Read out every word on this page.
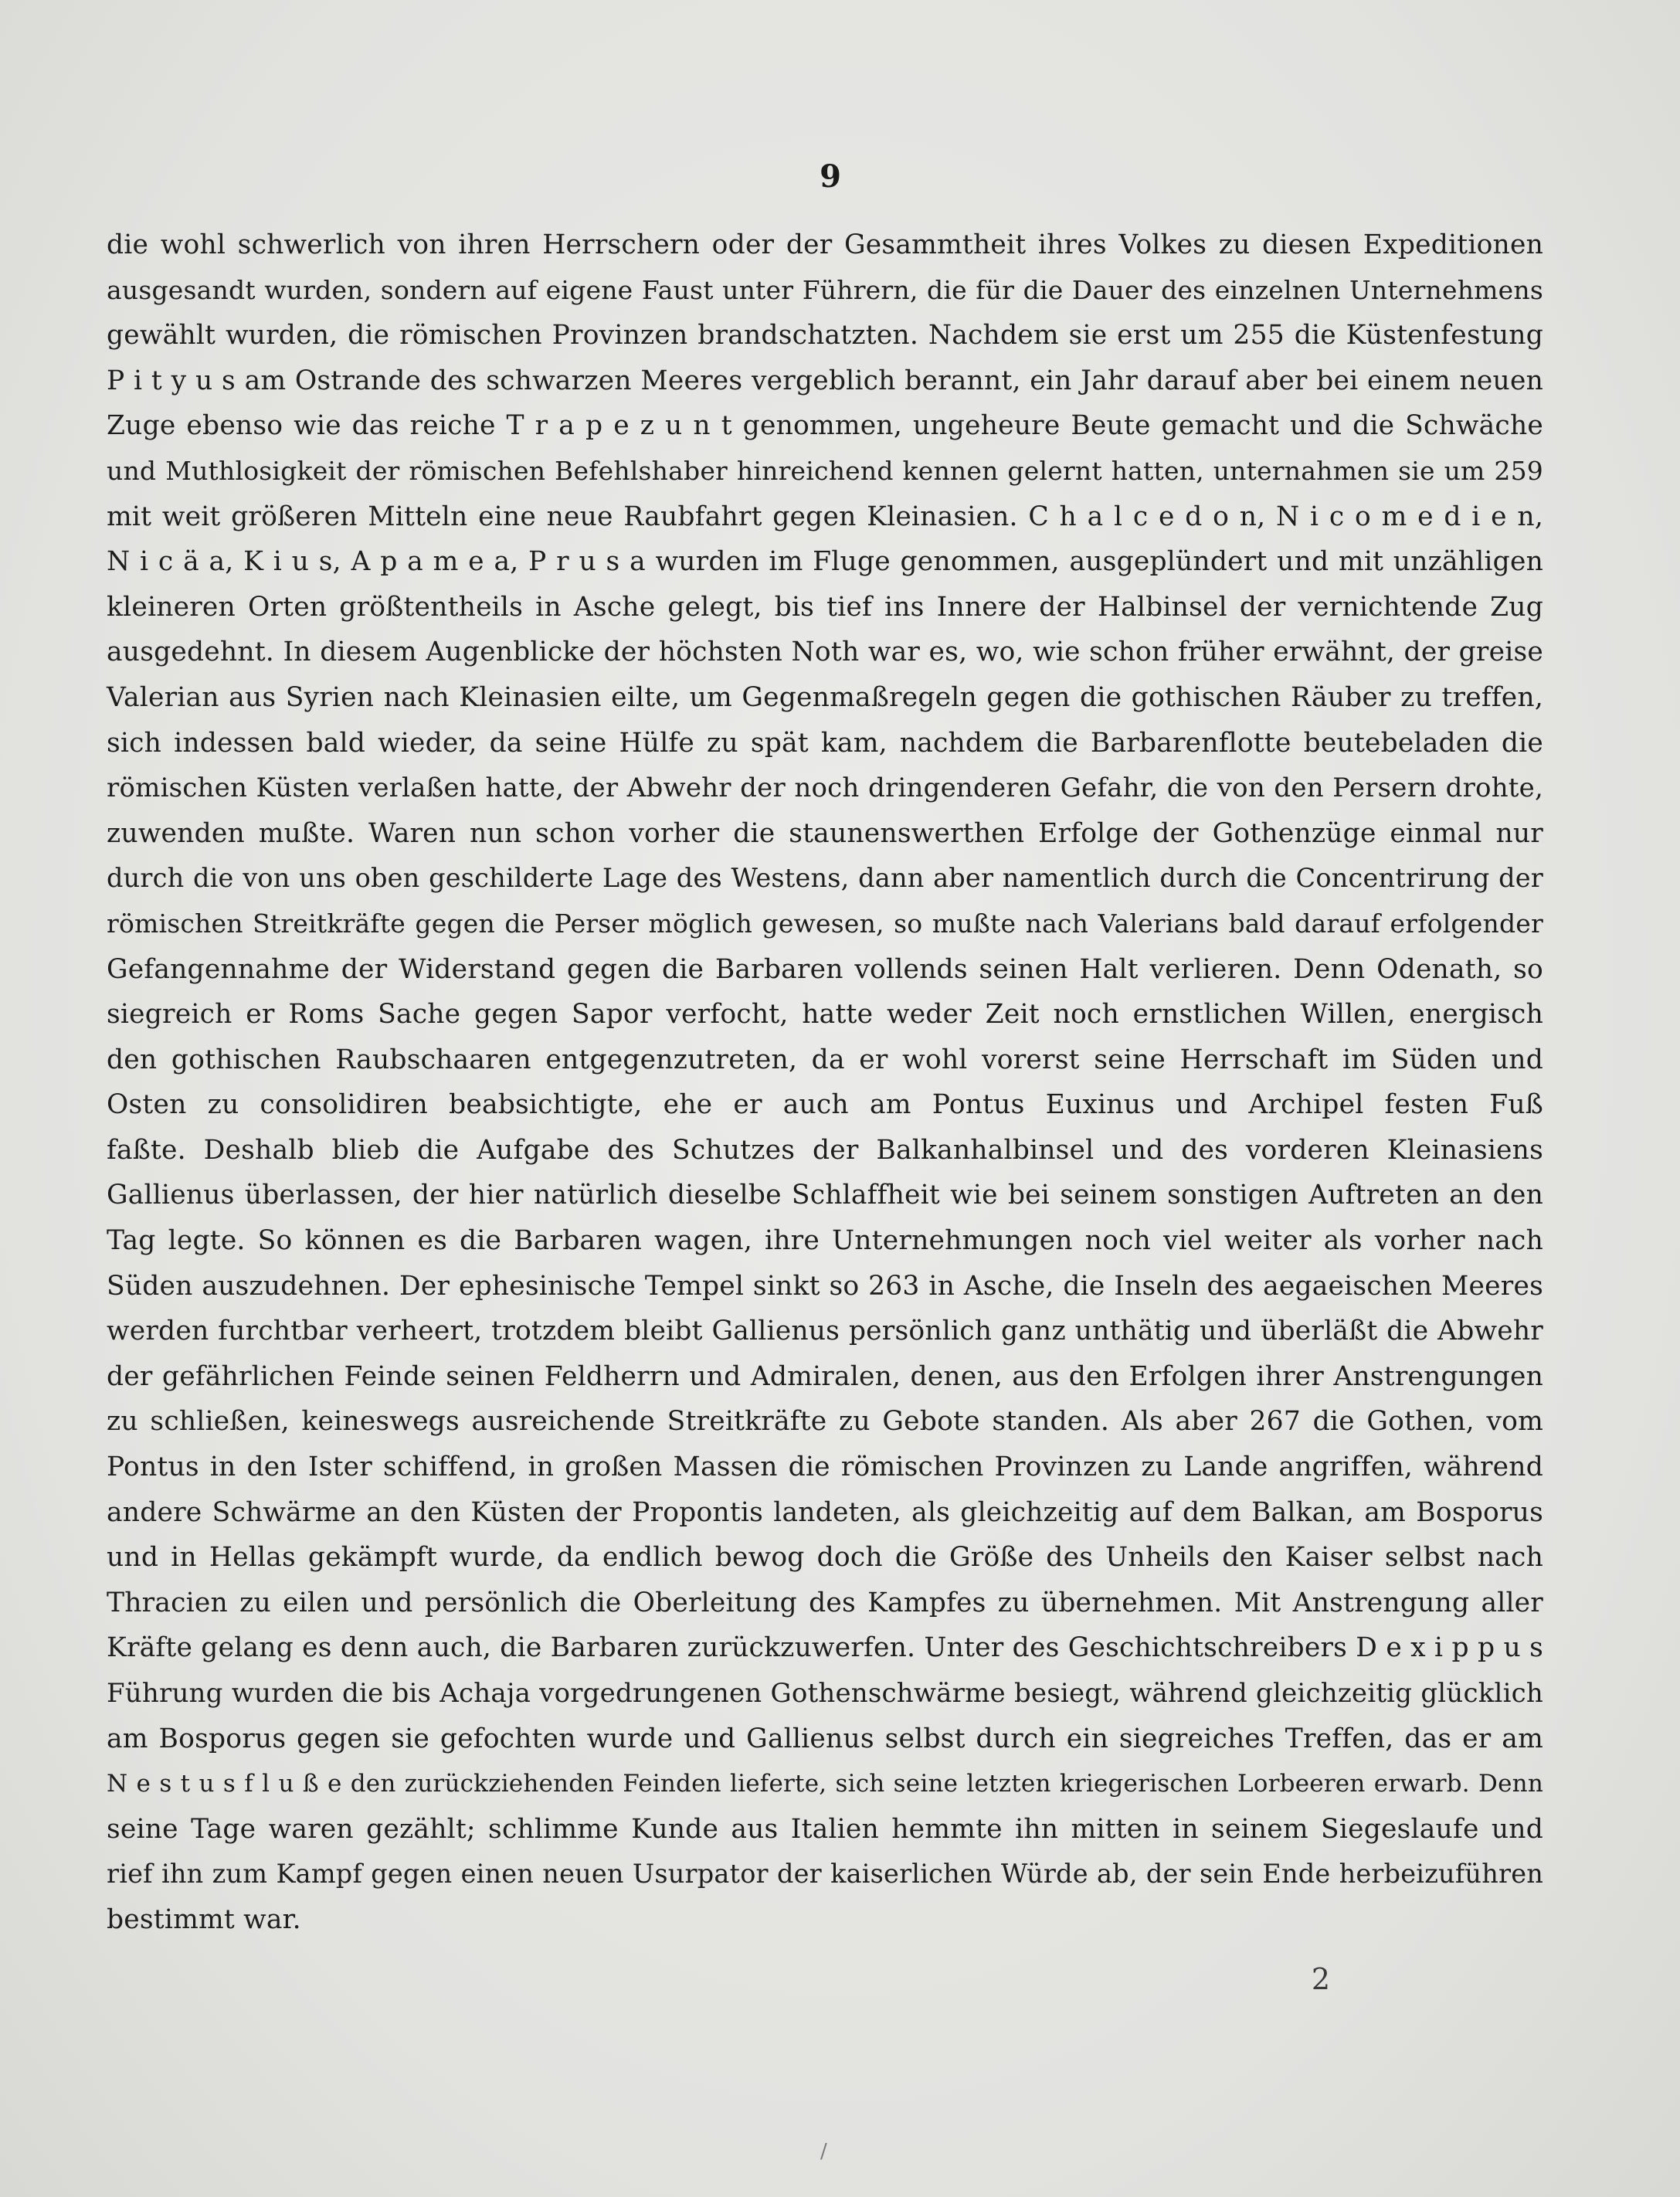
9
die wohl schwerlich von ihren Herrschern oder der Gesammtheit ihres Volkes zu diesen Expeditionen
ausgesandt wurden, sondern auf eigene Faust unter Führern, die für die Dauer des einzelnen Unternehmens
gewählt wurden, die römischen Provinzen brandschatzten. Nachdem sie erst um 255 die Küstenfestung
P i t y u s am Ostrande des schwarzen Meeres vergeblich berannt, ein Jahr darauf aber bei einem neuen
Zuge ebenso wie das reiche T r a p e z u n t genommen, ungeheure Beute gemacht und die Schwäche
und Muthlosigkeit der römischen Befehlshaber hinreichend kennen gelernt hatten, unternahmen sie um 259
mit weit größeren Mitteln eine neue Raubfahrt gegen Kleinasien. C h a l c e d o n, N i c o m e d i e n,
N i c ä a, K i u s, A p a m e a, P r u s a wurden im Fluge genommen, ausgeplündert und mit unzähligen
kleineren Orten größtentheils in Asche gelegt, bis tief ins Innere der Halbinsel der vernichtende Zug
ausgedehnt. In diesem Augenblicke der höchsten Noth war es, wo, wie schon früher erwähnt, der greise
Valerian aus Syrien nach Kleinasien eilte, um Gegenmaßregeln gegen die gothischen Räuber zu treffen,
sich indessen bald wieder, da seine Hülfe zu spät kam, nachdem die Barbarenflotte beutebeladen die
römischen Küsten verlaßen hatte, der Abwehr der noch dringenderen Gefahr, die von den Persern drohte,
zuwenden mußte. Waren nun schon vorher die staunenswerthen Erfolge der Gothenzüge einmal nur
durch die von uns oben geschilderte Lage des Westens, dann aber namentlich durch die Concentrirung der
römischen Streitkräfte gegen die Perser möglich gewesen, so mußte nach Valerians bald darauf erfolgender
Gefangennahme der Widerstand gegen die Barbaren vollends seinen Halt verlieren. Denn Odenath, so
siegreich er Roms Sache gegen Sapor verfocht, hatte weder Zeit noch ernstlichen Willen, energisch
den gothischen Raubschaaren entgegenzutreten, da er wohl vorerst seine Herrschaft im Süden und
Osten zu consolidiren beabsichtigte, ehe er auch am Pontus Euxinus und Archipel festen Fuß
faßte. Deshalb blieb die Aufgabe des Schutzes der Balkanhalbinsel und des vorderen Kleinasiens
Gallienus überlassen, der hier natürlich dieselbe Schlaffheit wie bei seinem sonstigen Auftreten an den
Tag legte. So können es die Barbaren wagen, ihre Unternehmungen noch viel weiter als vorher nach
Süden auszudehnen. Der ephesinische Tempel sinkt so 263 in Asche, die Inseln des aegaeischen Meeres
werden furchtbar verheert, trotzdem bleibt Gallienus persönlich ganz unthätig und überläßt die Abwehr
der gefährlichen Feinde seinen Feldherrn und Admiralen, denen, aus den Erfolgen ihrer Anstrengungen
zu schließen, keineswegs ausreichende Streitkräfte zu Gebote standen. Als aber 267 die Gothen, vom
Pontus in den Ister schiffend, in großen Massen die römischen Provinzen zu Lande angriffen, während
andere Schwärme an den Küsten der Propontis landeten, als gleichzeitig auf dem Balkan, am Bosporus
und in Hellas gekämpft wurde, da endlich bewog doch die Größe des Unheils den Kaiser selbst nach
Thracien zu eilen und persönlich die Oberleitung des Kampfes zu übernehmen. Mit Anstrengung aller
Kräfte gelang es denn auch, die Barbaren zurückzuwerfen. Unter des Geschichtschreibers D e x i p p u s
Führung wurden die bis Achaja vorgedrungenen Gothenschwärme besiegt, während gleichzeitig glücklich
am Bosporus gegen sie gefochten wurde und Gallienus selbst durch ein siegreiches Treffen, das er am
N e s t u s f l u ß e den zurückziehenden Feinden lieferte, sich seine letzten kriegerischen Lorbeeren erwarb. Denn
seine Tage waren gezählt; schlimme Kunde aus Italien hemmte ihn mitten in seinem Siegeslaufe und
rief ihn zum Kampf gegen einen neuen Usurpator der kaiserlichen Würde ab, der sein Ende herbeizuführen
bestimmt war.
2
/
